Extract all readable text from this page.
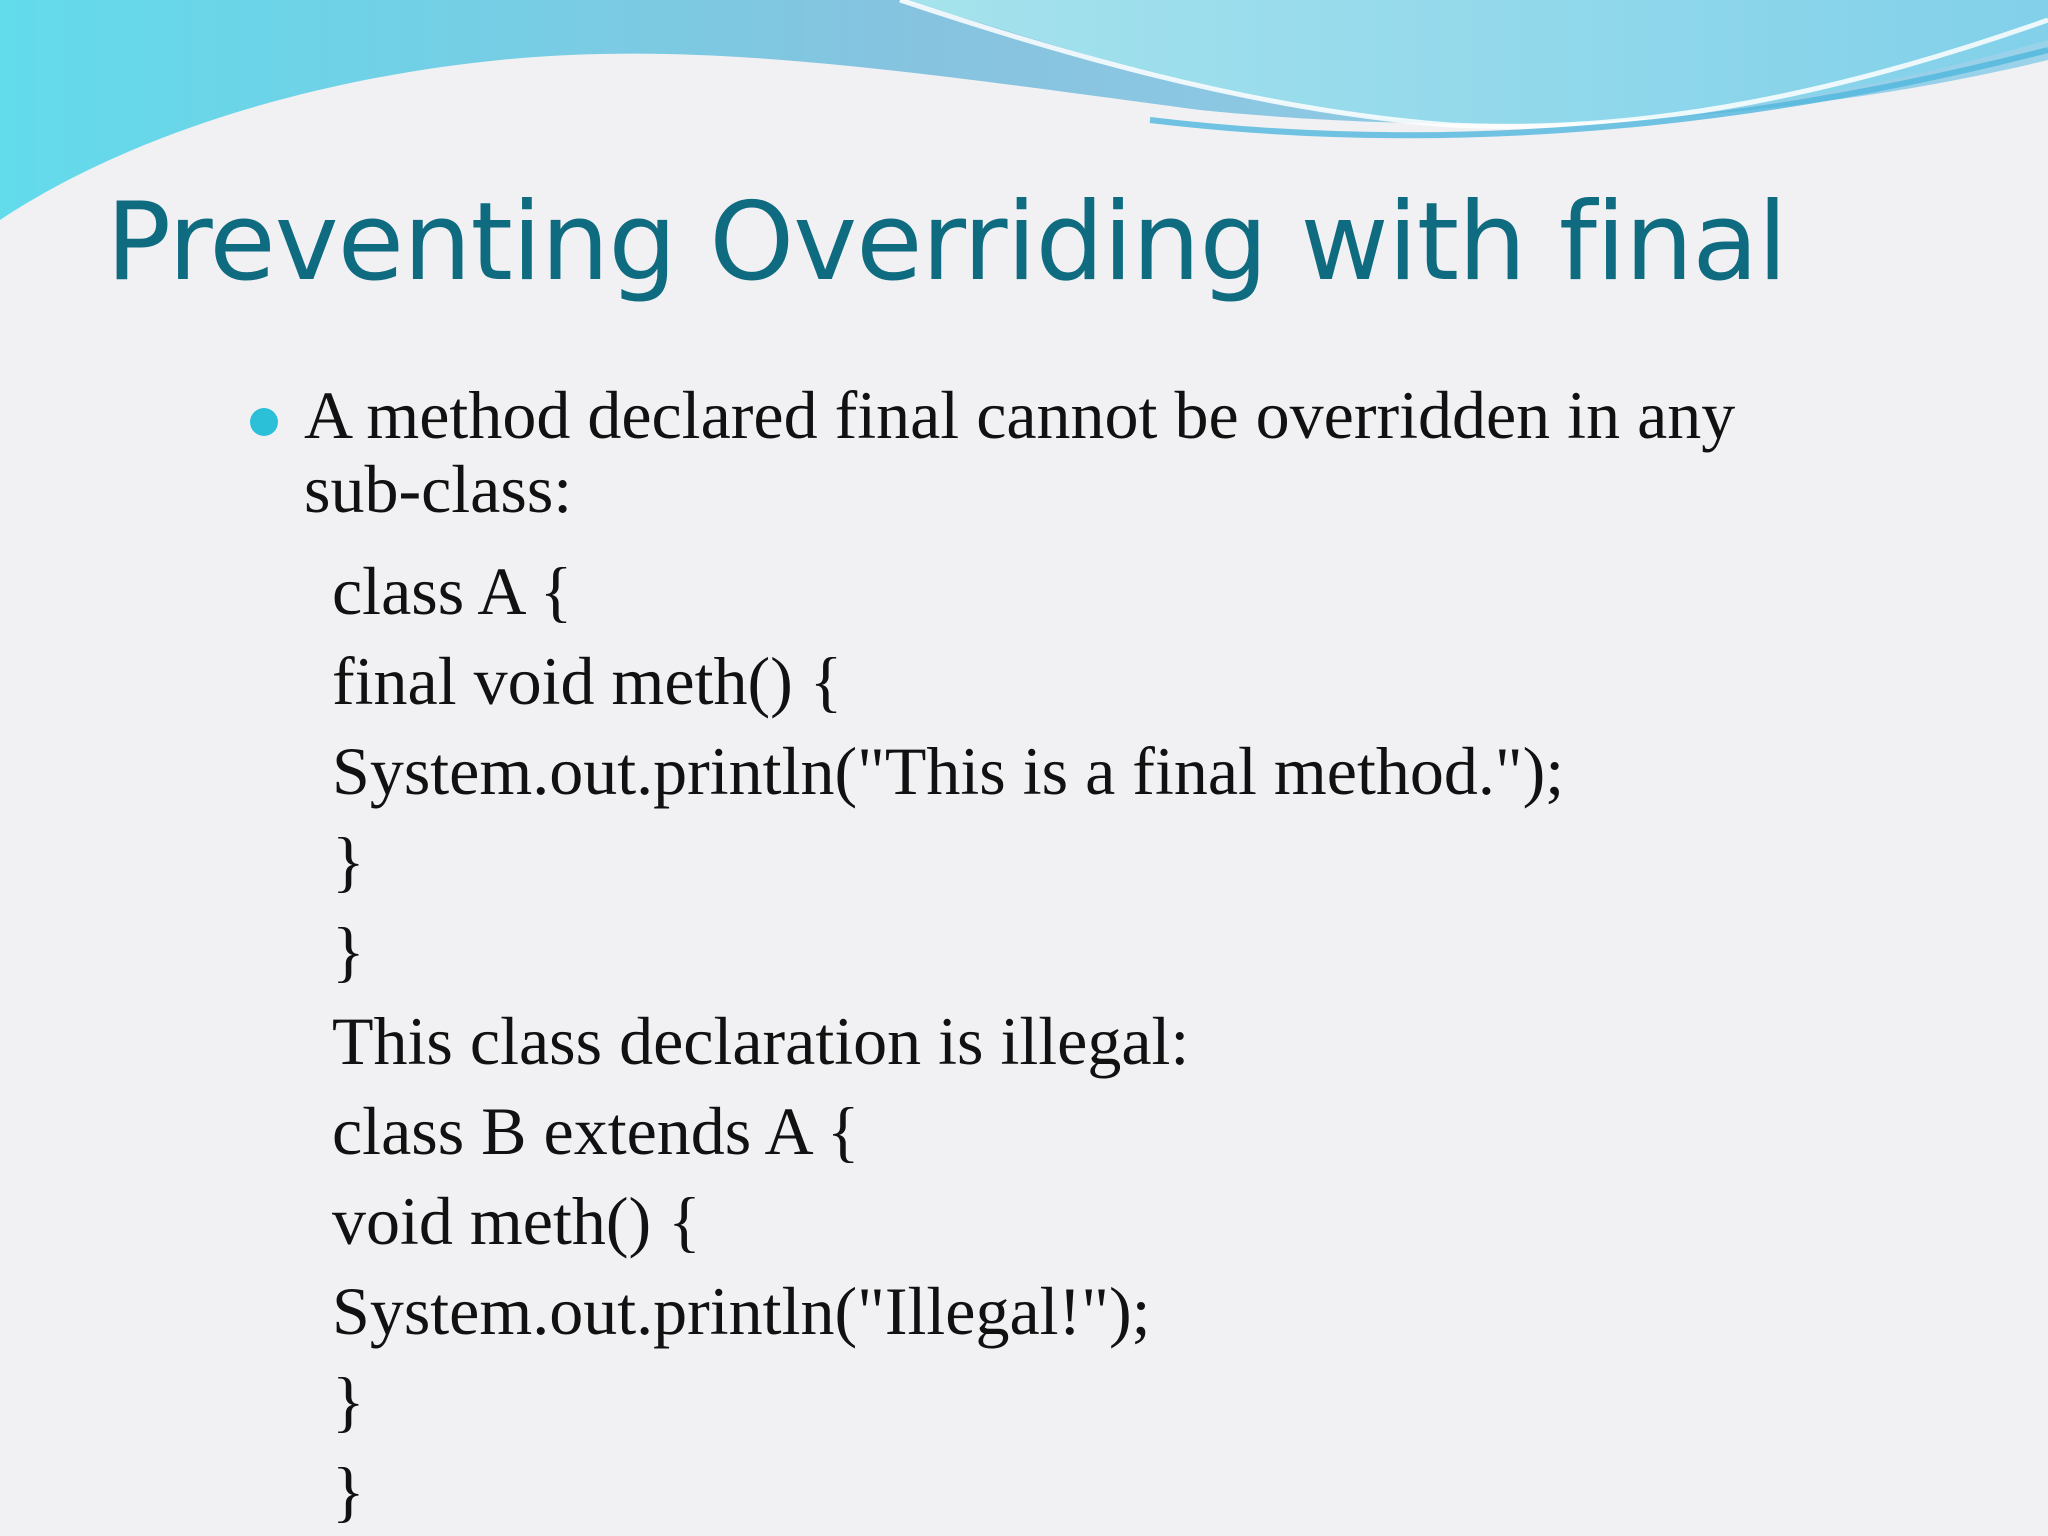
Preventing Overriding with final

A method declared final cannot be overridden in any sub-class:

class A {
final void meth() {
System.out.println("This is a final method.");
}
}
This class declaration is illegal:
class B extends A {
void meth() {
System.out.println("Illegal!");
}
}
